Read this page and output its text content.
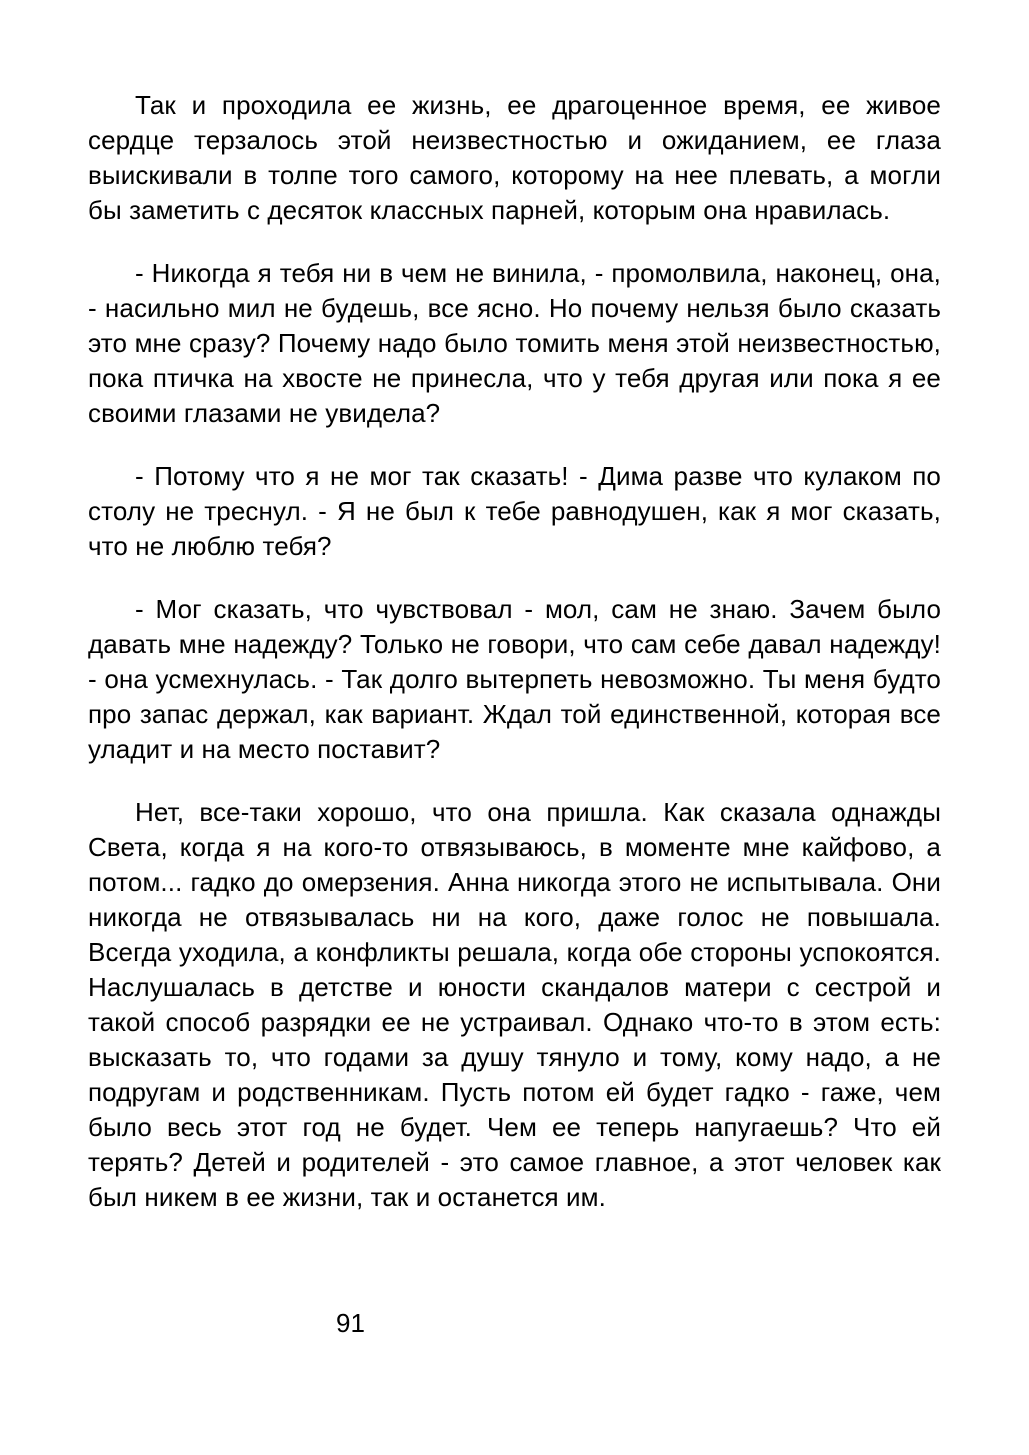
Так и проходила ее жизнь, ее драгоценное время, ее живое сердце терзалось этой неизвестностью и ожиданием, ее глаза выискивали в толпе того самого, которому на нее плевать, а могли бы заметить с десяток классных парней, которым она нравилась.

- Никогда я тебя ни в чем не винила, - промолвила, наконец, она, - насильно мил не будешь, все ясно. Но почему нельзя было сказать это мне сразу? Почему надо было томить меня этой неизвестностью, пока птичка на хвосте не принесла, что у тебя другая или пока я ее своими глазами не увидела?

- Потому что я не мог так сказать! - Дима разве что кулаком по столу не треснул. - Я не был к тебе равнодушен, как я мог сказать, что не люблю тебя?

- Мог сказать, что чувствовал - мол, сам не знаю. Зачем было давать мне надежду? Только не говори, что сам себе давал надежду! - она усмехнулась. - Так долго вытерпеть невозможно. Ты меня будто про запас держал, как вариант. Ждал той единственной, которая все уладит и на место поставит?

Нет, все-таки хорошо, что она пришла. Как сказала однажды Света, когда я на кого-то отвязываюсь, в моменте мне кайфово, а потом... гадко до омерзения. Анна никогда этого не испытывала. Они никогда не отвязывалась ни на кого, даже голос не повышала. Всегда уходила, а конфликты решала, когда обе стороны успокоятся. Наслушалась в детстве и юности скандалов матери с сестрой и такой способ разрядки ее не устраивал. Однако что-то в этом есть: высказать то, что годами за душу тянуло и тому, кому надо, а не подругам и родственникам. Пусть потом ей будет гадко - гаже, чем было весь этот год не будет. Чем ее теперь напугаешь? Что ей терять? Детей и родителей - это самое главное, а этот человек как был никем в ее жизни, так и останется им.

91
